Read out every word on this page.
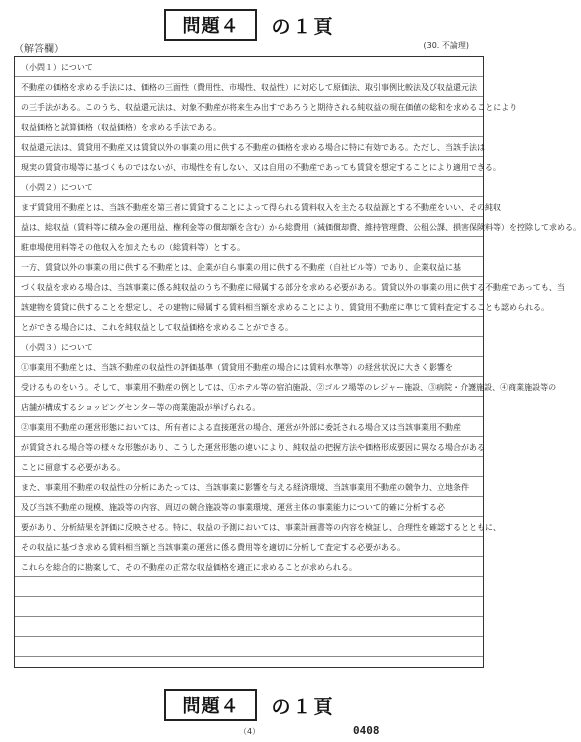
問題４	の１頁
（解答欄）	(30. 不論理)
（小問１）について
不動産の価格を求める手法には、価格の三面性（費用性、市場性、収益性）に対応して原価法、取引事例比較法及び収益還元法
の三手法がある。このうち、収益還元法は、対象不動産が将来生み出すであろうと期待される純収益の現在価値の総和を求めることにより
収益価格と試算価格（収益価格）を求める手法である。
収益還元法は、賃貸用不動産又は賃貸以外の事業の用に供する不動産の価格を求める場合に特に有効である。ただし、当該手法は
現実の賃貸市場等に基づくものではないが、市場性を有しない、又は自用の不動産であっても賃貸を想定することにより適用できる。
（小問２）について
まず賃貸用不動産とは、当該不動産を第三者に賃貸することによって得られる賃料収入を主たる収益源とする不動産をいい、その純収
益は、総収益（賃料等に積み金の運用益、権利金等の償却額を含む）から総費用（減価償却費、維持管理費、公租公課、損害保険料等）を控除して求める。
駐車場使用料等その他収入を加えたもの（総賃料等）とする。
一方、賃貸以外の事業の用に供する不動産とは、企業が自ら事業の用に供する不動産（自社ビル等）であり、企業収益に基
づく収益を求める場合は、当該事業に係る純収益のうち不動産に帰属する部分を求める必要がある。賃貸以外の事業の用に供する不動産であっても、当
該建物を賃貸に供することを想定し、その建物に帰属する賃料相当額を求めることにより、賃貸用不動産に準じて賃料査定することも認められる。
とができる場合には、これを純収益として収益価格を求めることができる。
（小問３）について
①事業用不動産とは、当該不動産の収益性の評価基準（賃貸用不動産の場合には賃料水準等）の経営状況に大きく影響を
受けるものをいう。そして、事業用不動産の例としては、①ホテル等の宿泊施設、②ゴルフ場等のレジャー施設、③病院・介護施設、④商業施設等の
店舗が構成するショッピングセンター等の商業施設が挙げられる。
②事業用不動産の運営形態においては、所有者による直接運営の場合、運営が外部に委託される場合又は当該事業用不動産
が賃貸される場合等の様々な形態があり、こうした運営形態の違いにより、純収益の把握方法や価格形成要因に異なる場合がある
ことに留意する必要がある。
また、事業用不動産の収益性の分析にあたっては、当該事業に影響を与える経済環境、当該事業用不動産の競争力、立地条件
及び当該不動産の規模、施設等の内容、周辺の競合施設等の事業環境、運営主体の事業能力について的確に分析する必
要があり、分析結果を評価に反映させる。特に、収益の予測においては、事業計画書等の内容を検証し、合理性を確認するとともに、
その収益に基づき求める賃料相当額と当該事業の運営に係る費用等を適切に分析して査定する必要がある。
これらを総合的に勘案して、その不動産の正常な収益価格を適正に求めることが求められる。
問題４	の１頁
（4）	0408
